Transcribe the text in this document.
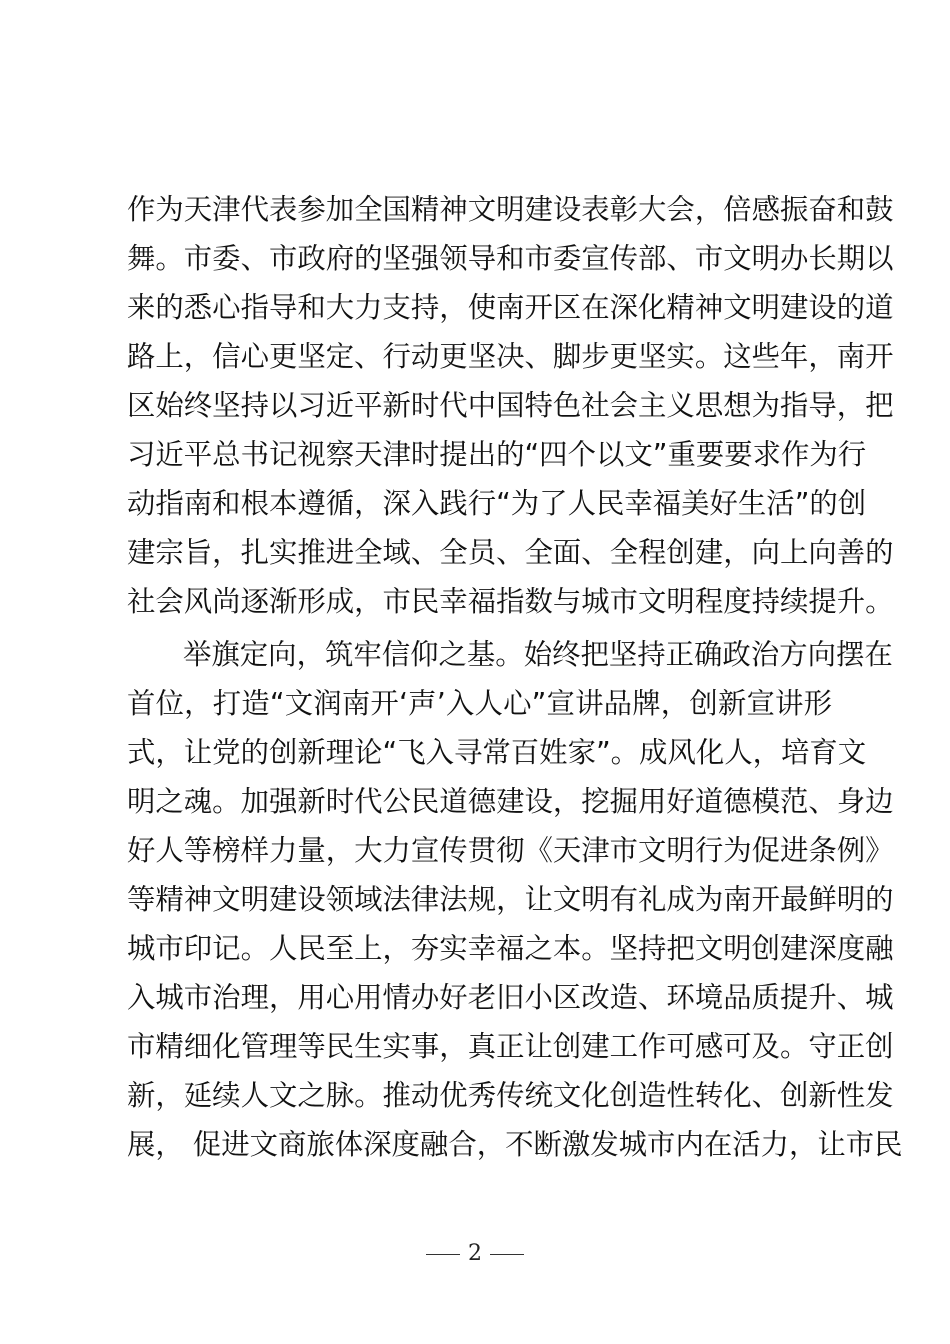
作为天津代表参加全国精神文明建设表彰大会，倍感振奋和鼓
舞。市委、市政府的坚强领导和市委宣传部、市文明办长期以
来的悉心指导和大力支持，使南开区在深化精神文明建设的道
路上，信心更坚定、行动更坚决、脚步更坚实。这些年，南开
区始终坚持以习近平新时代中国特色社会主义思想为指导，把
习近平总书记视察天津时提出的“四个以文”重要要求作为行
动指南和根本遵循，深入践行“为了人民幸福美好生活”的创
建宗旨，扎实推进全域、全员、全面、全程创建，向上向善的
社会风尚逐渐形成，市民幸福指数与城市文明程度持续提升。
举旗定向，筑牢信仰之基。始终把坚持正确政治方向摆在
首位，打造“文润南开‘声’入人心”宣讲品牌，创新宣讲形
式，让党的创新理论“飞入寻常百姓家”。成风化人，培育文
明之魂。加强新时代公民道德建设，挖掘用好道德模范、身边
好人等榜样力量，大力宣传贯彻《天津市文明行为促进条例》
等精神文明建设领域法律法规，让文明有礼成为南开最鲜明的
城市印记。人民至上，夯实幸福之本。坚持把文明创建深度融
入城市治理，用心用情办好老旧小区改造、环境品质提升、城
市精细化管理等民生实事，真正让创建工作可感可及。守正创
新，延续人文之脉。推动优秀传统文化创造性转化、创新性发
展， 促进文商旅体深度融合，不断激发城市内在活力，让市民
2
